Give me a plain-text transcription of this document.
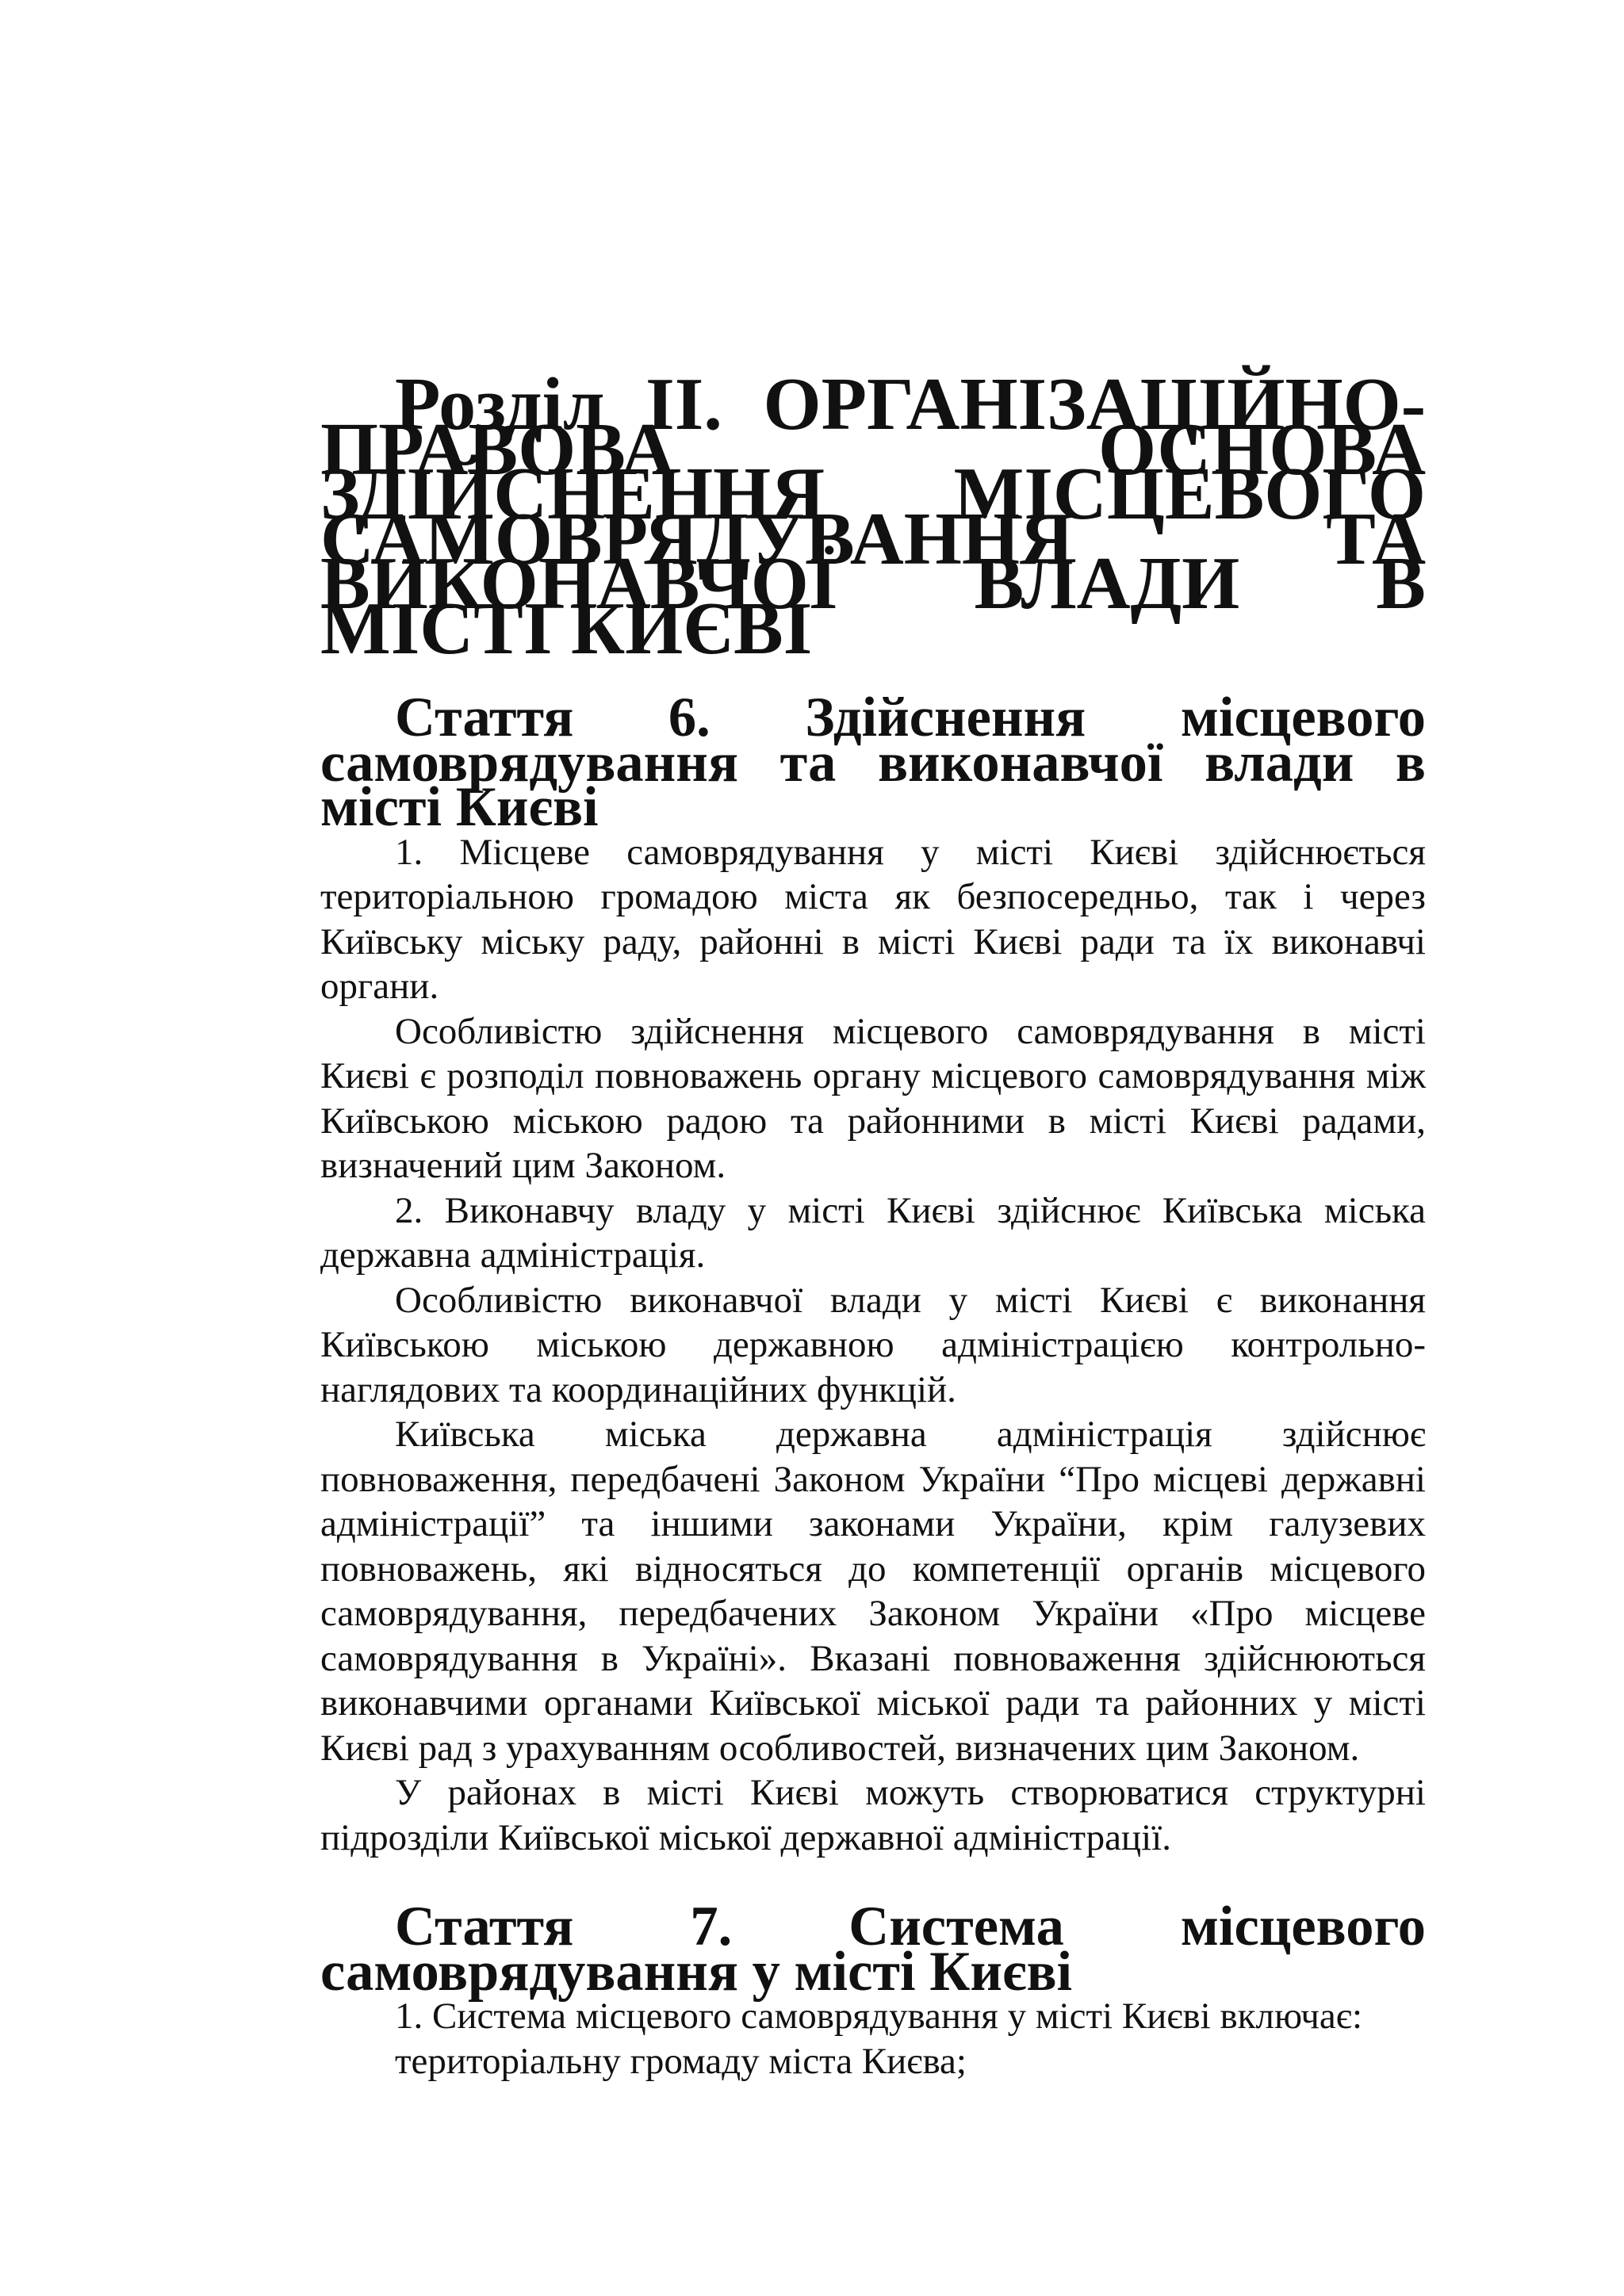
Розділ II. ОРГАНІЗАЦІЙНО-ПРАВОВА ОСНОВА ЗДІЙСНЕННЯ МІСЦЕВОГО САМОВРЯДУВАННЯ ТА ВИКОНАВЧОЇ ВЛАДИ В МІСТІ КИЄВІ
Стаття 6. Здійснення місцевого самоврядування та виконавчої влади в місті Києві

1. Місцеве самоврядування у місті Києві здійснюється територіальною громадою міста як безпосередньо, так і через Київську міську раду, районні в місті Києві ради та їх виконавчі органи.

Особливістю здійснення місцевого самоврядування в місті Києві є розподіл повноважень органу місцевого самоврядування між Київською міською радою та районними в місті Києві радами, визначений цим Законом.

2. Виконавчу владу у місті Києві здійснює Київська міська державна адміністрація.

Особливістю виконавчої влади у місті Києві є виконання Київською міською державною адміністрацією контрольно-наглядових та координаційних функцій.

Київська міська державна адміністрація здійснює повноваження, передбачені Законом України “Про місцеві державні адміністрації” та іншими законами України, крім галузевих повноважень, які відносяться до компетенції органів місцевого самоврядування, передбачених Законом України «Про місцеве самоврядування в Україні». Вказані повноваження здійснюються виконавчими органами Київської міської ради та районних у місті Києві рад з урахуванням особливостей, визначених цим Законом.

У районах в місті Києві можуть створюватися структурні підрозділи Київської міської державної адміністрації.

Стаття 7. Система місцевого самоврядування у місті Києві

1. Система місцевого самоврядування у місті Києві включає:

територіальну громаду міста Києва;
